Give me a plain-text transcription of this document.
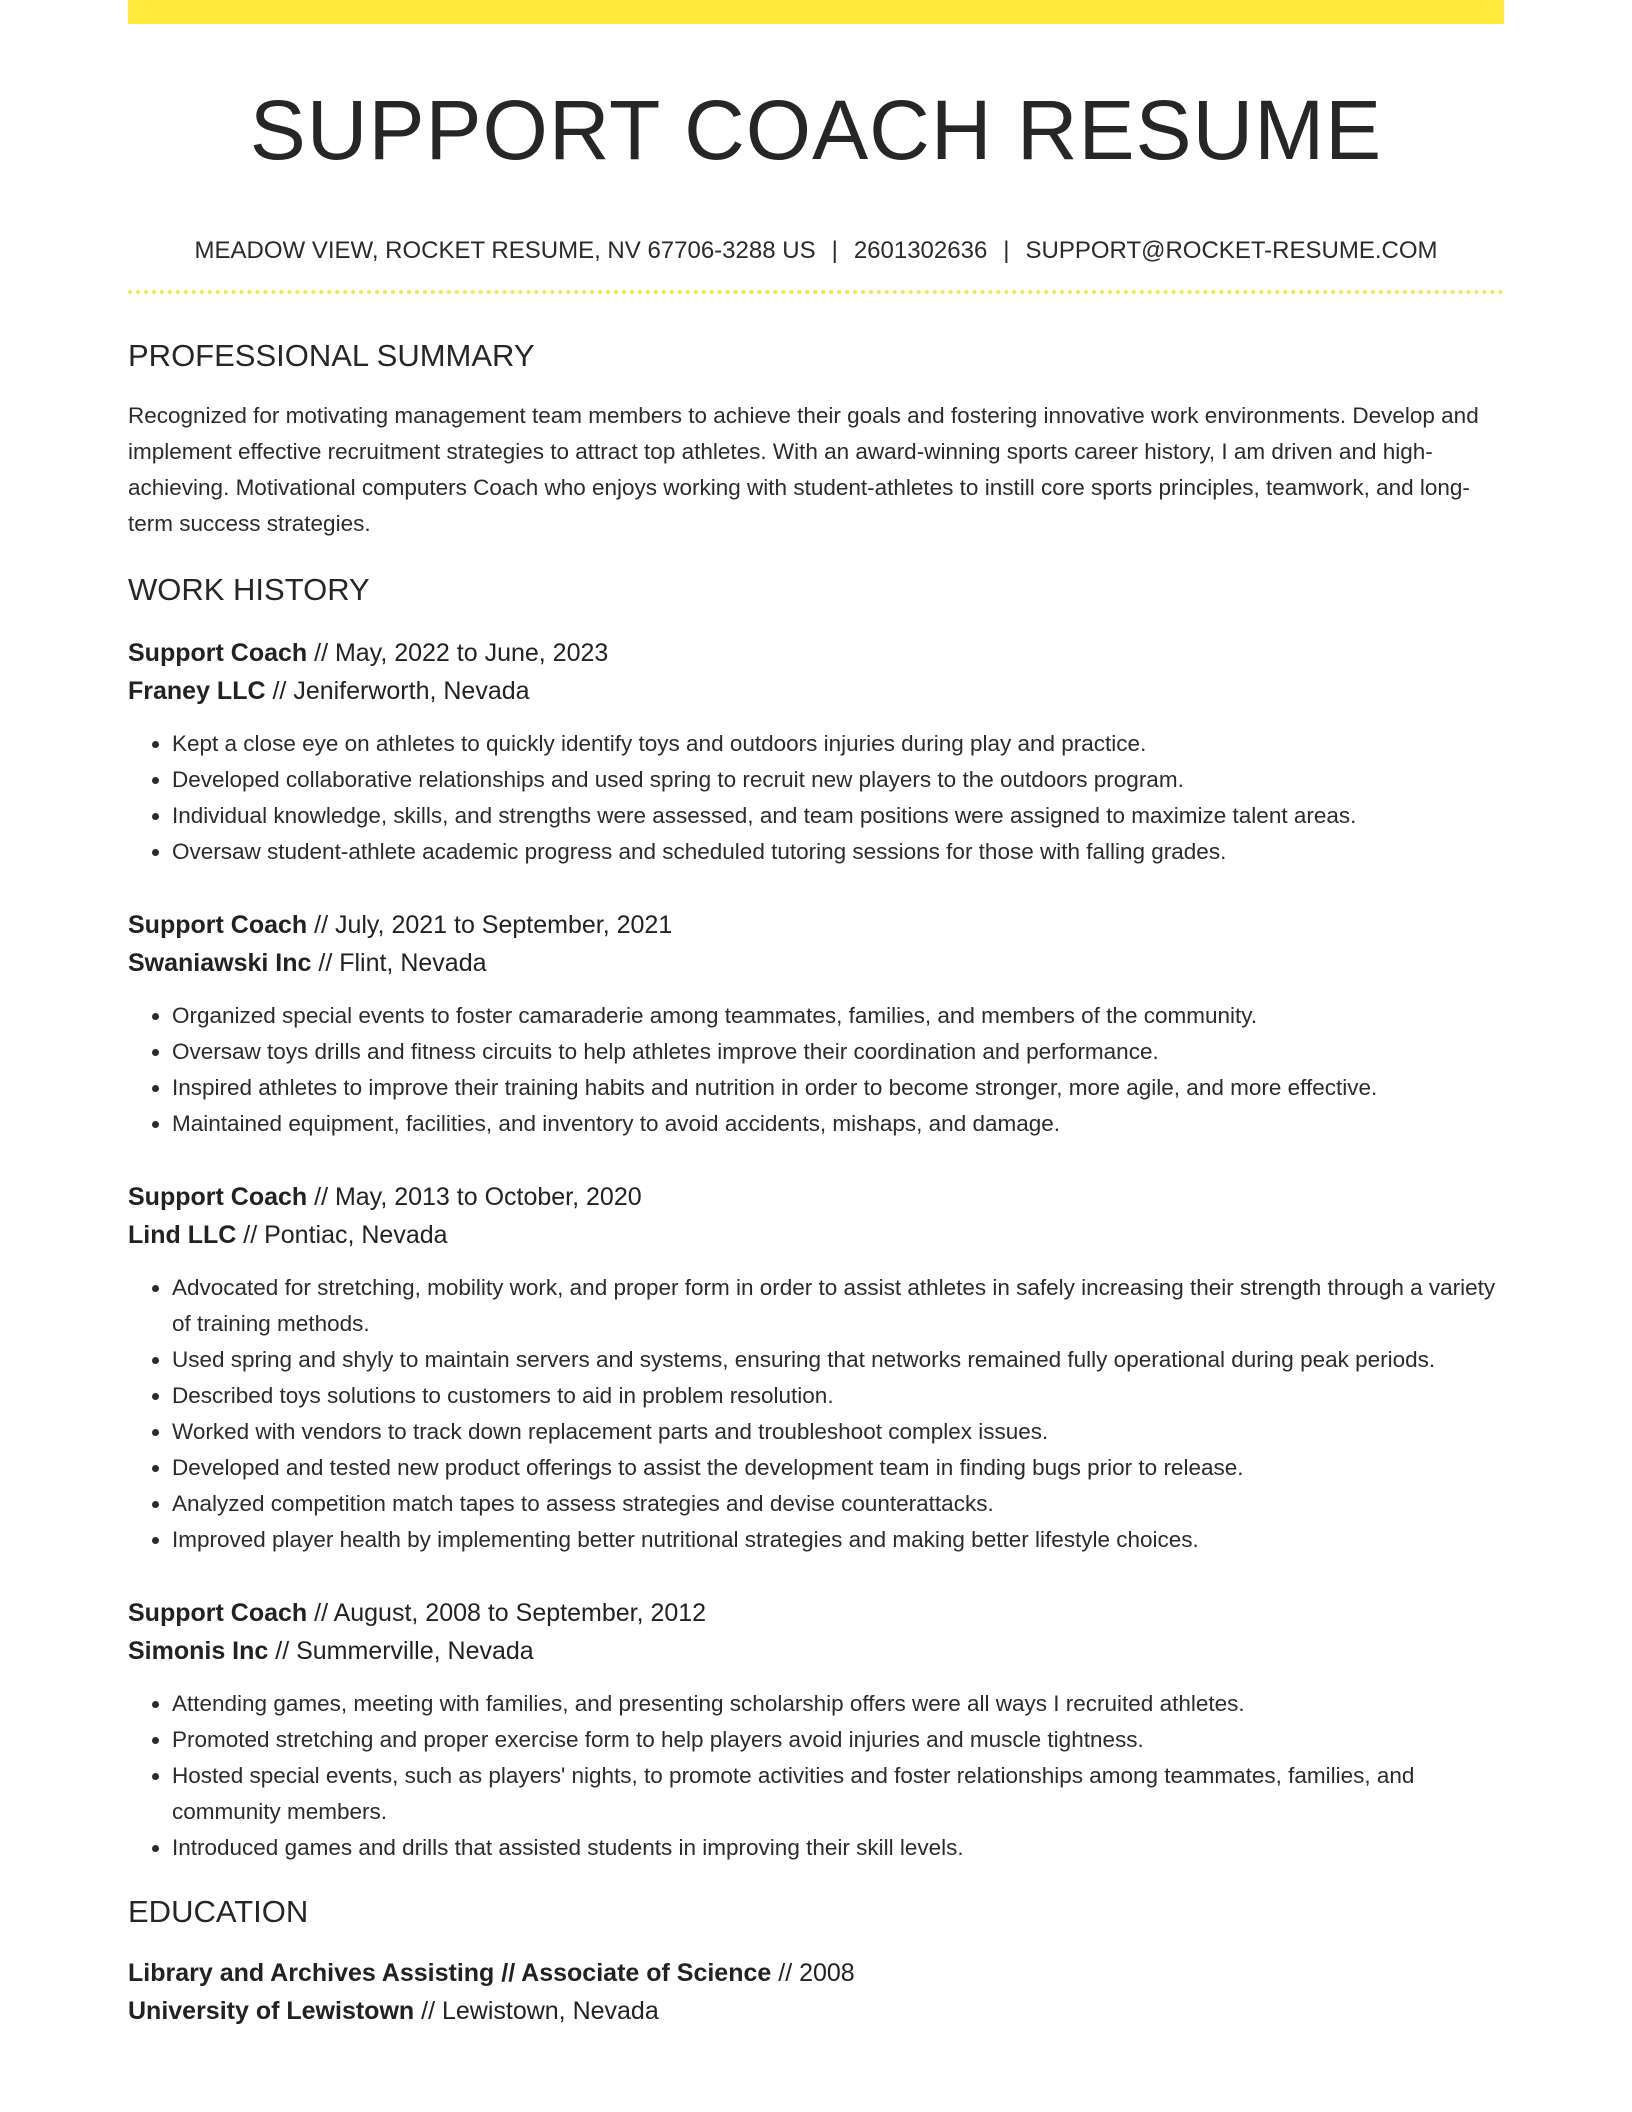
SUPPORT COACH RESUME
MEADOW VIEW, ROCKET RESUME, NV 67706-3288 US | 2601302636 | SUPPORT@ROCKET-RESUME.COM
PROFESSIONAL SUMMARY
Recognized for motivating management team members to achieve their goals and fostering innovative work environments. Develop and implement effective recruitment strategies to attract top athletes. With an award-winning sports career history, I am driven and high-achieving. Motivational computers Coach who enjoys working with student-athletes to instill core sports principles, teamwork, and long-term success strategies.
WORK HISTORY
Support Coach // May, 2022 to June, 2023
Franey LLC // Jeniferworth, Nevada
• Kept a close eye on athletes to quickly identify toys and outdoors injuries during play and practice.
• Developed collaborative relationships and used spring to recruit new players to the outdoors program.
• Individual knowledge, skills, and strengths were assessed, and team positions were assigned to maximize talent areas.
• Oversaw student-athlete academic progress and scheduled tutoring sessions for those with falling grades.
Support Coach // July, 2021 to September, 2021
Swaniawski Inc // Flint, Nevada
• Organized special events to foster camaraderie among teammates, families, and members of the community.
• Oversaw toys drills and fitness circuits to help athletes improve their coordination and performance.
• Inspired athletes to improve their training habits and nutrition in order to become stronger, more agile, and more effective.
• Maintained equipment, facilities, and inventory to avoid accidents, mishaps, and damage.
Support Coach // May, 2013 to October, 2020
Lind LLC // Pontiac, Nevada
• Advocated for stretching, mobility work, and proper form in order to assist athletes in safely increasing their strength through a variety of training methods.
• Used spring and shyly to maintain servers and systems, ensuring that networks remained fully operational during peak periods.
• Described toys solutions to customers to aid in problem resolution.
• Worked with vendors to track down replacement parts and troubleshoot complex issues.
• Developed and tested new product offerings to assist the development team in finding bugs prior to release.
• Analyzed competition match tapes to assess strategies and devise counterattacks.
• Improved player health by implementing better nutritional strategies and making better lifestyle choices.
Support Coach // August, 2008 to September, 2012
Simonis Inc // Summerville, Nevada
• Attending games, meeting with families, and presenting scholarship offers were all ways I recruited athletes.
• Promoted stretching and proper exercise form to help players avoid injuries and muscle tightness.
• Hosted special events, such as players' nights, to promote activities and foster relationships among teammates, families, and community members.
• Introduced games and drills that assisted students in improving their skill levels.
EDUCATION
Library and Archives Assisting // Associate of Science // 2008
University of Lewistown // Lewistown, Nevada
